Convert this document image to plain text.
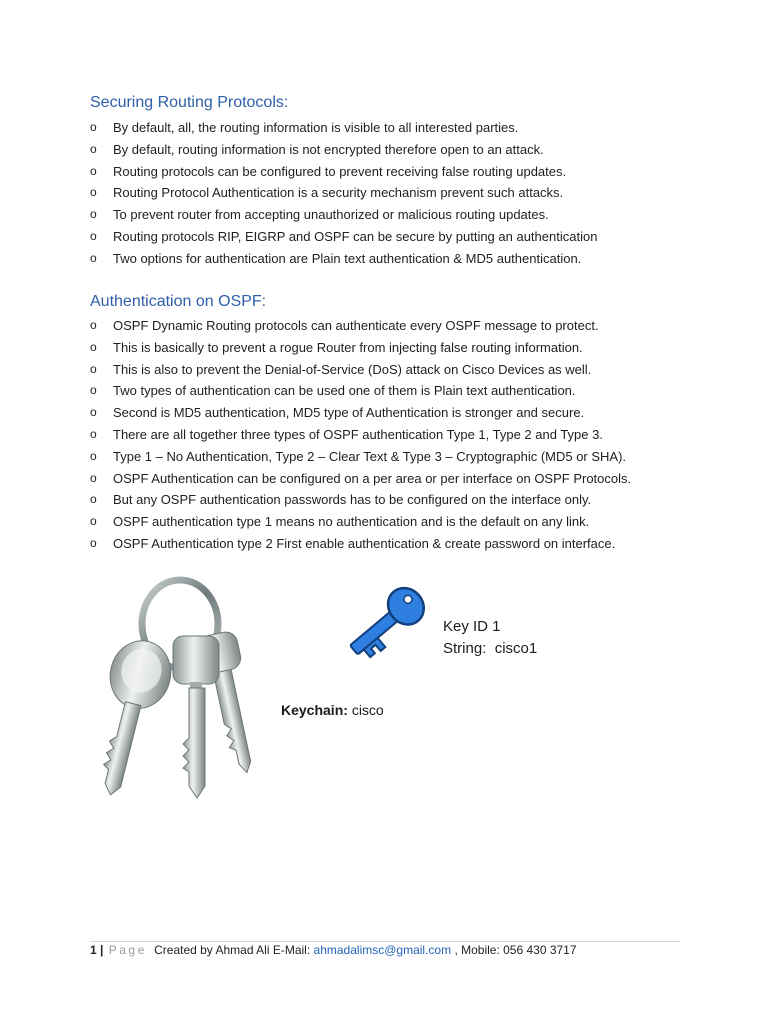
Securing Routing Protocols:
o	By default, all, the routing information is visible to all interested parties.
o	By default, routing information is not encrypted therefore open to an attack.
o	Routing protocols can be configured to prevent receiving false routing updates.
o	Routing Protocol Authentication is a security mechanism prevent such attacks.
o	To prevent router from accepting unauthorized or malicious routing updates.
o	Routing protocols RIP, EIGRP and OSPF can be secure by putting an authentication
o	Two options for authentication are Plain text authentication & MD5 authentication.
Authentication on OSPF:
o	OSPF Dynamic Routing protocols can authenticate every OSPF message to protect.
o	This is basically to prevent a rogue Router from injecting false routing information.
o	This is also to prevent the Denial-of-Service (DoS) attack on Cisco Devices as well.
o	Two types of authentication can be used one of them is Plain text authentication.
o	Second is MD5 authentication, MD5 type of Authentication is stronger and secure.
o	There are all together three types of OSPF authentication Type 1, Type 2 and Type 3.
o	Type 1 – No Authentication, Type 2 – Clear Text & Type 3 – Cryptographic (MD5 or SHA).
o	OSPF Authentication can be configured on a per area or per interface on OSPF Protocols.
o	But any OSPF authentication passwords has to be configured on the interface only.
o	OSPF authentication type 1 means no authentication and is the default on any link.
o	OSPF Authentication type 2 First enable authentication & create password on interface.
Key ID 1
String: cisco1
Keychain: cisco
1 | Page Created by Ahmad Ali E-Mail: ahmadalimsc@gmail.com , Mobile: 056 430 3717
